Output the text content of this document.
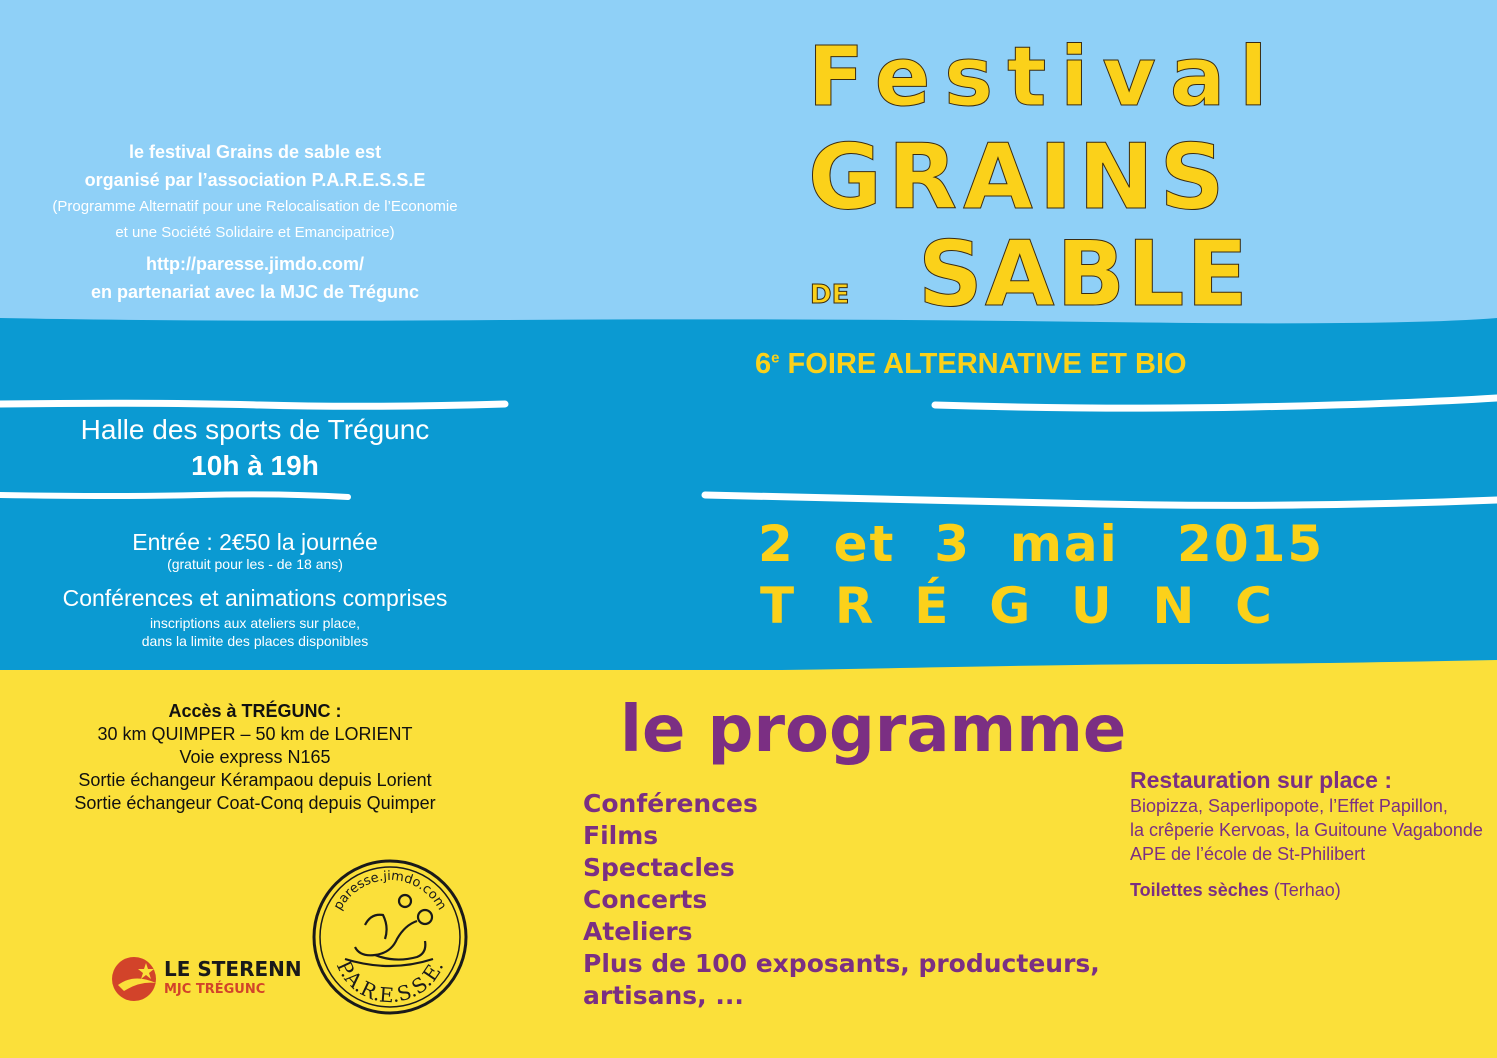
le festival Grains de sable est
organisé par l’association P.A.R.E.S.S.E
(Programme Alternatif pour une Relocalisation de l’Economie
et une Société Solidaire et Emancipatrice)
http://paresse.jimdo.com/
en partenariat avec la MJC de Trégunc
Festival
GRAINS
DE SABLE
6e FOIRE ALTERNATIVE ET BIO
Halle des sports de Trégunc
10h à 19h
Entrée : 2€50 la journée
(gratuit pour les - de 18 ans)
Conférences et animations comprises
inscriptions aux ateliers sur place,
dans la limite des places disponibles
2  et  3  mai   2015
T  R  É  G  U  N  C
Accès à TRÉGUNC :
30 km QUIMPER – 50 km de LORIENT
Voie express N165
Sortie échangeur Kérampaou depuis Lorient
Sortie échangeur Coat-Conq depuis Quimper
le programme
Conférences
Films
Spectacles
Concerts
Ateliers
Plus de 100 exposants, producteurs,
artisans, ...
Restauration sur place :
Biopizza, Saperlipopote, l’Effet Papillon,
la crêperie Kervoas, la Guitoune Vagabonde
APE de l’école de St-Philibert
Toilettes sèches (Terhao)
LE STERENN
MJC TRÉGUNC
paresse.jimdo.com
P.A.R.E.S.S.E.
